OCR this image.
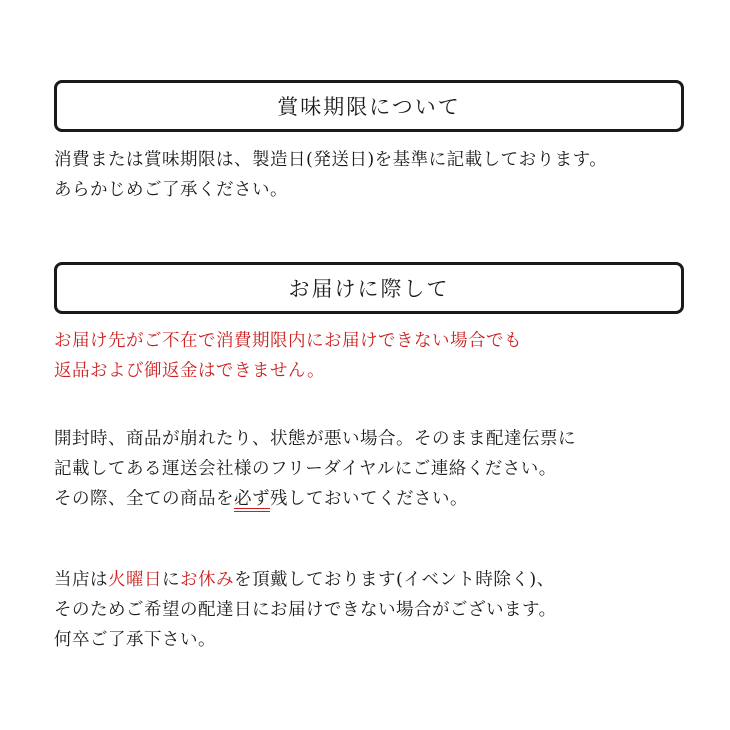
賞味期限について

消費または賞味期限は、製造日(発送日)を基準に記載しております。
あらかじめご了承ください。

お届けに際して

お届け先がご不在で消費期限内にお届けできない場合でも
返品および御返金はできません。

開封時、商品が崩れたり、状態が悪い場合。そのまま配達伝票に
記載してある運送会社様のフリーダイヤルにご連絡ください。
その際、全ての商品を必ず残しておいてください。

当店は火曜日にお休みを頂戴しております(イベント時除く)、
そのためご希望の配達日にお届けできない場合がございます。
何卒ご了承下さい。
